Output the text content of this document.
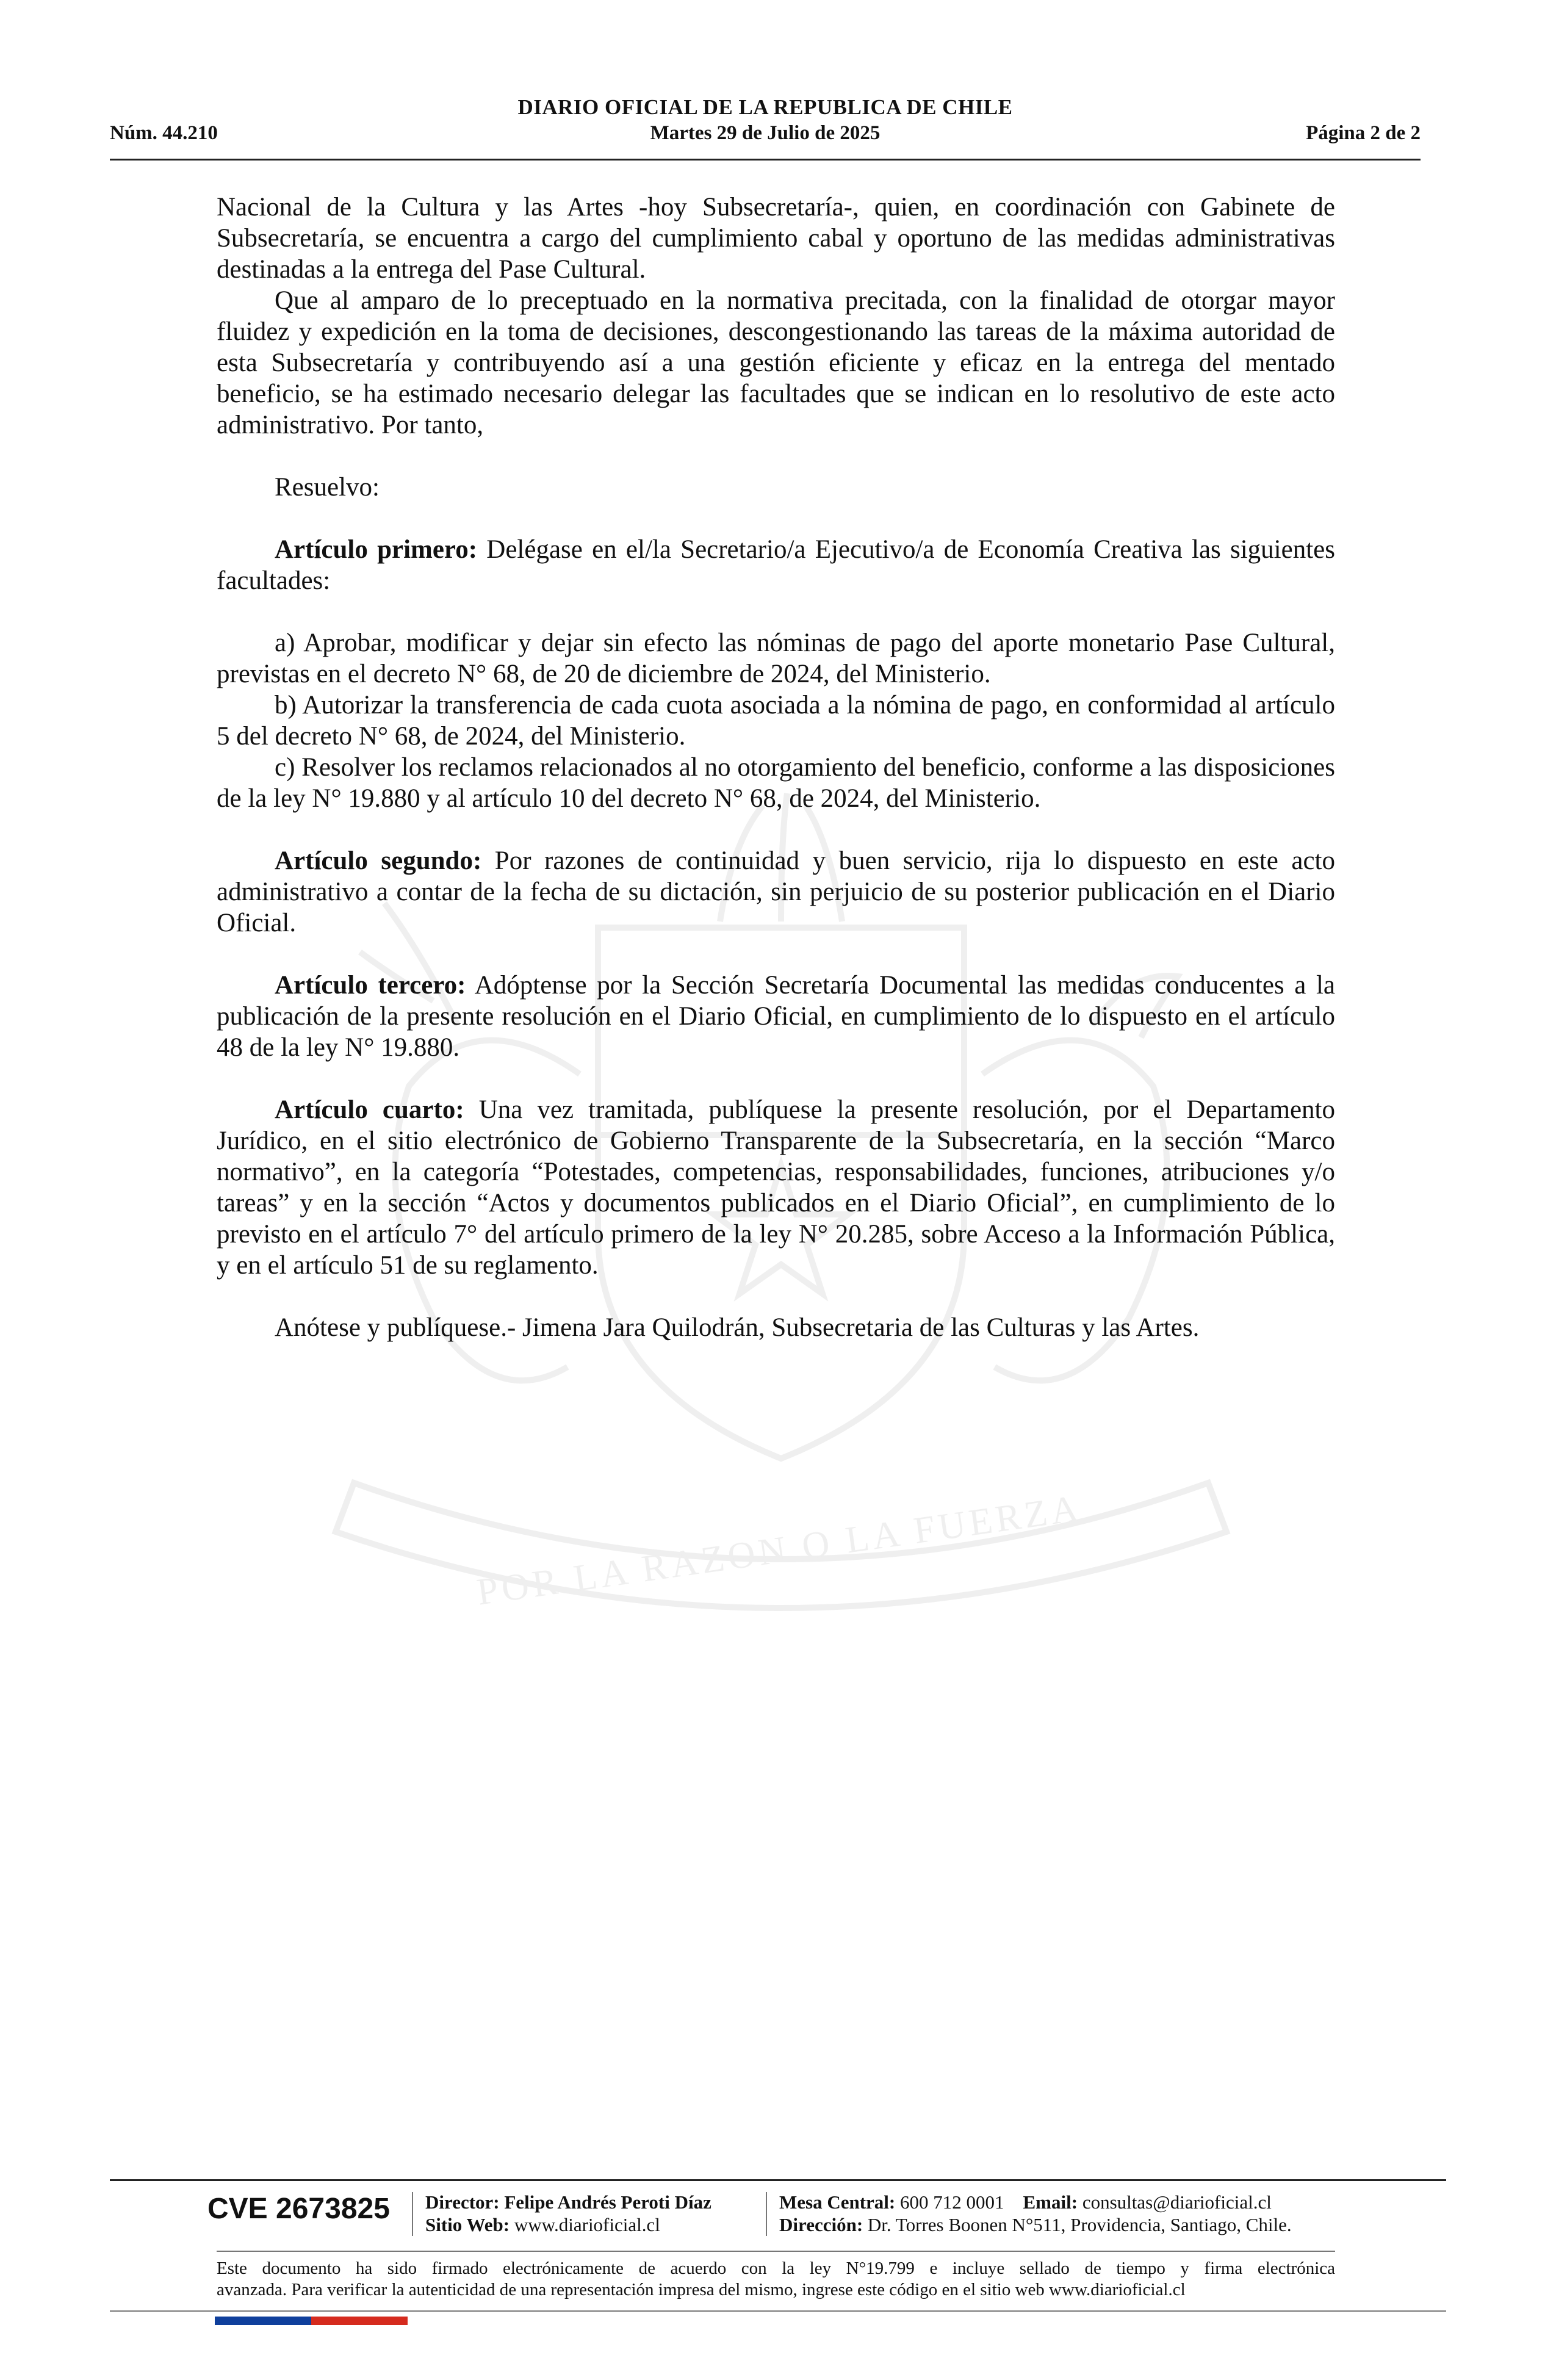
POR LA RAZON O LA FUERZA
DIARIO OFICIAL DE LA REPUBLICA DE CHILE
Núm. 44.210	Martes 29 de Julio de 2025	Página 2 de 2

Nacional de la Cultura y las Artes -hoy Subsecretaría-, quien, en coordinación con Gabinete de Subsecretaría, se encuentra a cargo del cumplimiento cabal y oportuno de las medidas administrativas destinadas a la entrega del Pase Cultural.

Que al amparo de lo preceptuado en la normativa precitada, con la finalidad de otorgar mayor fluidez y expedición en la toma de decisiones, descongestionando las tareas de la máxima autoridad de esta Subsecretaría y contribuyendo así a una gestión eficiente y eficaz en la entrega del mentado beneficio, se ha estimado necesario delegar las facultades que se indican en lo resolutivo de este acto administrativo. Por tanto,

Resuelvo:

Artículo primero: Delégase en el/la Secretario/a Ejecutivo/a de Economía Creativa las siguientes facultades:

a) Aprobar, modificar y dejar sin efecto las nóminas de pago del aporte monetario Pase Cultural, previstas en el decreto N° 68, de 20 de diciembre de 2024, del Ministerio.

b) Autorizar la transferencia de cada cuota asociada a la nómina de pago, en conformidad al artículo 5 del decreto N° 68, de 2024, del Ministerio.

c) Resolver los reclamos relacionados al no otorgamiento del beneficio, conforme a las disposiciones de la ley N° 19.880 y al artículo 10 del decreto N° 68, de 2024, del Ministerio.

Artículo segundo: Por razones de continuidad y buen servicio, rija lo dispuesto en este acto administrativo a contar de la fecha de su dictación, sin perjuicio de su posterior publicación en el Diario Oficial.

Artículo tercero: Adóptense por la Sección Secretaría Documental las medidas conducentes a la publicación de la presente resolución en el Diario Oficial, en cumplimiento de lo dispuesto en el artículo 48 de la ley N° 19.880.

Artículo cuarto: Una vez tramitada, publíquese la presente resolución, por el Departamento Jurídico, en el sitio electrónico de Gobierno Transparente de la Subsecretaría, en la sección “Marco normativo”, en la categoría “Potestades, competencias, responsabilidades, funciones, atribuciones y/o tareas” y en la sección “Actos y documentos publicados en el Diario Oficial”, en cumplimiento de lo previsto en el artículo 7° del artículo primero de la ley N° 20.285, sobre Acceso a la Información Pública, y en el artículo 51 de su reglamento.

Anótese y publíquese.- Jimena Jara Quilodrán, Subsecretaria de las Culturas y las Artes.

CVE 2673825 Director: Felipe Andrés Peroti Díaz
Sitio Web: www.diarioficial.cl
Mesa Central: 600 712 0001 Email: consultas@diarioficial.cl
Dirección: Dr. Torres Boonen N°511, Providencia, Santiago, Chile.
Este documento ha sido firmado electrónicamente de acuerdo con la ley N°19.799 e incluye sellado de tiempo y firma electrónica
avanzada. Para verificar la autenticidad de una representación impresa del mismo, ingrese este código en el sitio web www.diarioficial.cl
